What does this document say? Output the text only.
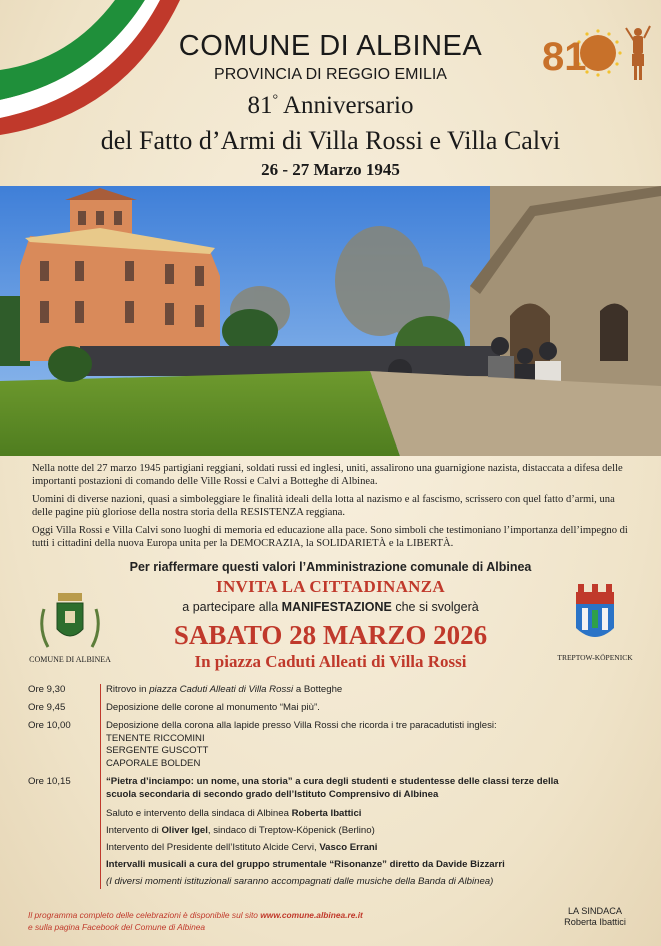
COMUNE DI ALBINEA
PROVINCIA DI REGGIO EMILIA
81° Anniversario
del Fatto d’Armi di Villa Rossi e Villa Calvi
26 - 27 Marzo 1945
81

Nella notte del 27 marzo 1945 partigiani reggiani, soldati russi ed inglesi, uniti, assalirono una guarnigione nazista, distaccata a difesa delle importanti postazioni di comando delle Ville Rossi e Calvi a Botteghe di Albinea.

Uomini di diverse nazioni, quasi a simboleggiare le finalità ideali della lotta al nazismo e al fascismo, scrissero con quel fatto d’armi, una delle pagine più gloriose della nostra storia della RESISTENZA reggiana.

Oggi Villa Rossi e Villa Calvi sono luoghi di memoria ed educazione alla pace. Sono simboli che testimoniano l’importanza dell’impegno di tutti i cittadini della nuova Europa unita per la DEMOCRAZIA, la SOLIDARIETÀ e la LIBERTÀ.

Per riaffermare questi valori l’Amministrazione comunale di Albinea
INVITA LA CITTADINANZA
a partecipare alla MANIFESTAZIONE che si svolgerà
SABATO 28 MARZO 2026
In piazza Caduti Alleati di Villa Rossi
COMUNE DI ALBINEA	TREPTOW-KÖPENICK
Ore 9,30	Ritrovo in piazza Caduti Alleati di Villa Rossi a Botteghe
Ore 9,45	Deposizione delle corone al monumento “Mai più”.
Ore 10,00	Deposizione della corona alla lapide presso Villa Rossi che ricorda i tre paracadutisti inglesi:
TENENTE RICCOMINI
SERGENTE GUSCOTT
CAPORALE BOLDEN
Ore 10,15	“Pietra d’inciampo: un nome, una storia” a cura degli studenti e studentesse delle classi terze della
scuola secondaria di secondo grado dell’Istituto Comprensivo di Albinea
Saluto e intervento della sindaca di Albinea Roberta Ibattici
Intervento di Oliver Igel, sindaco di Treptow-Köpenick (Berlino)
Intervento del Presidente dell’Istituto Alcide Cervi, Vasco Errani
Intervalli musicali a cura del gruppo strumentale “Risonanze” diretto da Davide Bizzarri
(I diversi momenti istituzionali saranno accompagnati dalle musiche della Banda di Albinea)
Il programma completo delle celebrazioni è disponibile sul sito www.comune.albinea.re.it
e sulla pagina Facebook del Comune di Albinea
LA SINDACA
Roberta Ibattici
